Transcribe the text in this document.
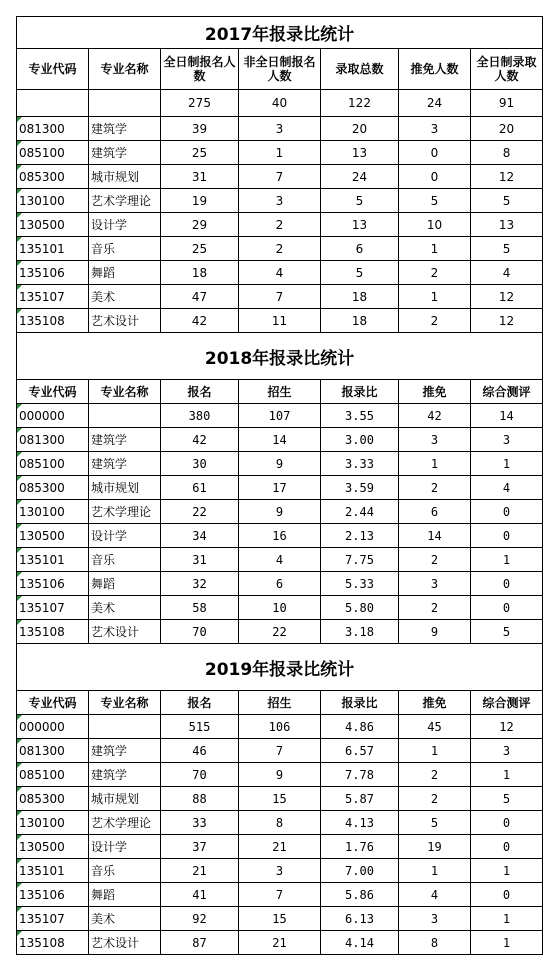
2017年报录比统计						
专业代码	专业名称	全日制报名人数	非全日制报名人数	录取总数	推免人数	全日制录取人数
		275	40	122	24	91
081300	建筑学	39	3	20	3	20
085100	建筑学	25	1	13	0	8
085300	城市规划	31	7	24	0	12
130100	艺术学理论	19	3	5	5	5
130500	设计学	29	2	13	10	13
135101	音乐	25	2	6	1	5
135106	舞蹈	18	4	5	2	4
135107	美术	47	7	18	1	12
135108	艺术设计	42	11	18	2	12
2018年报录比统计						
专业代码	专业名称	报名	招生	报录比	推免	综合测评
000000		380	107	3.55	42	14
081300	建筑学	42	14	3.00	3	3
085100	建筑学	30	9	3.33	1	1
085300	城市规划	61	17	3.59	2	4
130100	艺术学理论	22	9	2.44	6	0
130500	设计学	34	16	2.13	14	0
135101	音乐	31	4	7.75	2	1
135106	舞蹈	32	6	5.33	3	0
135107	美术	58	10	5.80	2	0
135108	艺术设计	70	22	3.18	9	5
2019年报录比统计						
专业代码	专业名称	报名	招生	报录比	推免	综合测评
000000		515	106	4.86	45	12
081300	建筑学	46	7	6.57	1	3
085100	建筑学	70	9	7.78	2	1
085300	城市规划	88	15	5.87	2	5
130100	艺术学理论	33	8	4.13	5	0
130500	设计学	37	21	1.76	19	0
135101	音乐	21	3	7.00	1	1
135106	舞蹈	41	7	5.86	4	0
135107	美术	92	15	6.13	3	1
135108	艺术设计	87	21	4.14	8	1
